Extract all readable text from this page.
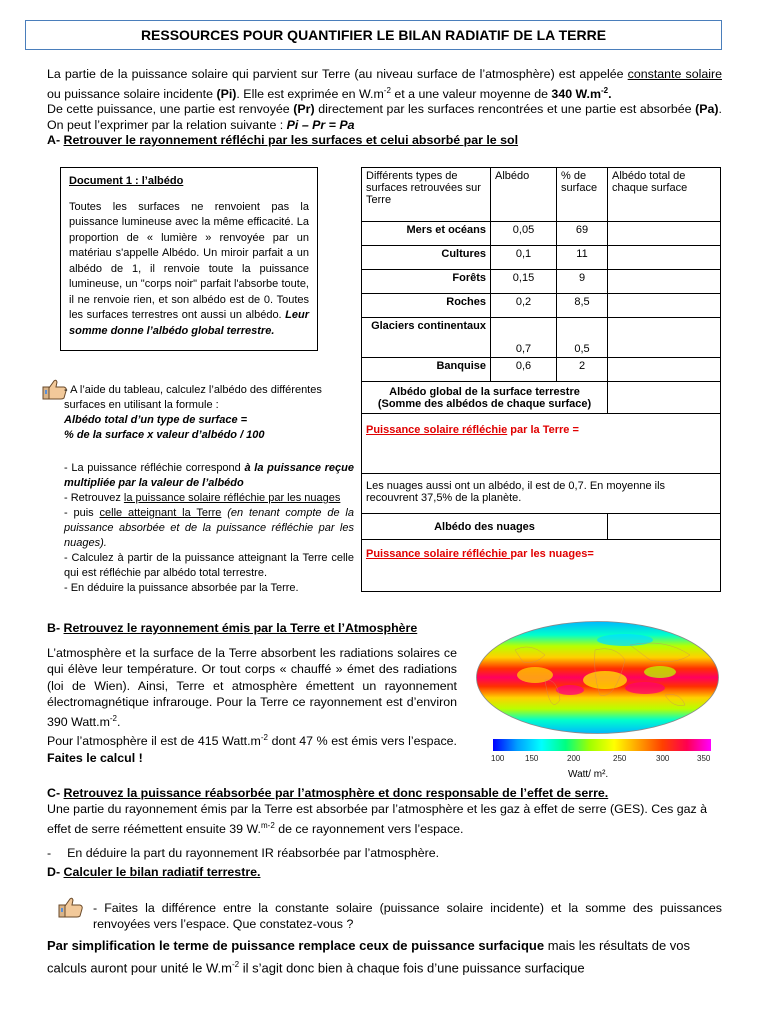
RESSOURCES POUR QUANTIFIER LE BILAN RADIATIF DE LA TERRE
La partie de la puissance solaire qui parvient sur Terre (au niveau surface de l’atmosphère) est appelée constante solaire ou puissance solaire incidente (Pi). Elle est exprimée en $W.m^{-2}$ et a une valeur moyenne de 340 $W.m^{-2}$.
De cette puissance, une partie est renvoyée (Pr) directement par les surfaces rencontrées et une partie est absorbée (Pa). On peut l’exprimer par la relation suivante : Pi – Pr = Pa
A- Retrouver le rayonnement réfléchi par les surfaces et celui absorbé par le sol
Document 1 : l’albédo
Toutes les surfaces ne renvoient pas la puissance lumineuse avec la même efficacité. La proportion de « lumière » renvoyée par un matériau s'appelle Albédo. Un miroir parfait a un albédo de 1, il renvoie toute la puissance lumineuse, un "corps noir" parfait l'absorbe toute, il ne renvoie rien, et son albédo est de 0. Toutes les surfaces terrestres ont aussi un albédo. Leur somme donne l’albédo global terrestre.
Différents types de surfaces retrouvées sur Terre	Albédo	% de surface	Albédo total de chaque surface
Mers et océans	0,05	69	
Cultures	0,1	11	
Forêts	0,15	9	
Roches	0,2	8,5	
Glaciers continentaux	0,7	0,5	
Banquise	0,6	2	
Albédo global de la surface terrestre (Somme des albédos de chaque surface)			
Puissance solaire réfléchie par la Terre =			
Les nuages aussi ont un albédo, il est de 0,7. En moyenne ils recouvrent 37,5% de la planète.			
Albédo des nuages			
Puissance solaire réfléchie par les nuages=			
- A l’aide du tableau, calculez l’albédo des différentes surfaces en utilisant la formule :
Albédo total d’un type de surface =
% de la surface x valeur d’albédo / 100
- La puissance réfléchie correspond à la puissance reçue multipliée par la valeur de l’albédo
- Retrouvez la puissance solaire réfléchie par les nuages
- puis celle atteignant la Terre (en tenant compte de la puissance absorbée et de la puissance réfléchie par les nuages).
- Calculez à partir de la puissance atteignant la Terre celle qui est réfléchie par albédo total terrestre.
- En déduire la puissance absorbée par la Terre.
B- Retrouvez le rayonnement émis par la Terre et l’Atmosphère
L’atmosphère et la surface de la Terre absorbent les radiations solaires ce qui élève leur température. Or tout corps « chauffé » émet des radiations (loi de Wien). Ainsi, Terre et atmosphère émettent un rayonnement électromagnétique infrarouge. Pour la Terre ce rayonnement est d’environ 390 $Watt.m^{-2}$.
Pour l’atmosphère il est de 415 $Watt.m^{-2}$ dont 47 % est émis vers l’espace. Faites le calcul !	100	150	200	250	300	350
Watt/ m².
C- Retrouvez la puissance réabsorbée par l’atmosphère et donc responsable de l’effet de serre.
Une partie du rayonnement émis par la Terre est absorbée par l’atmosphère et les gaz à effet de serre (GES). Ces gaz à effet de serre réémettent ensuite 39 W.$^{m-2}$ de ce rayonnement vers l’espace.
- En déduire la part du rayonnement IR réabsorbée par l’atmosphère.
D- Calculer le bilan radiatif terrestre.
- Faites la différence entre la constante solaire (puissance solaire incidente) et la somme des puissances renvoyées vers l’espace. Que constatez-vous ?
Par simplification le terme de puissance remplace ceux de puissance surfacique mais les résultats de vos calculs auront pour unité le $W.m^{-2}$ il s’agit donc bien à chaque fois d’une puissance surfacique
